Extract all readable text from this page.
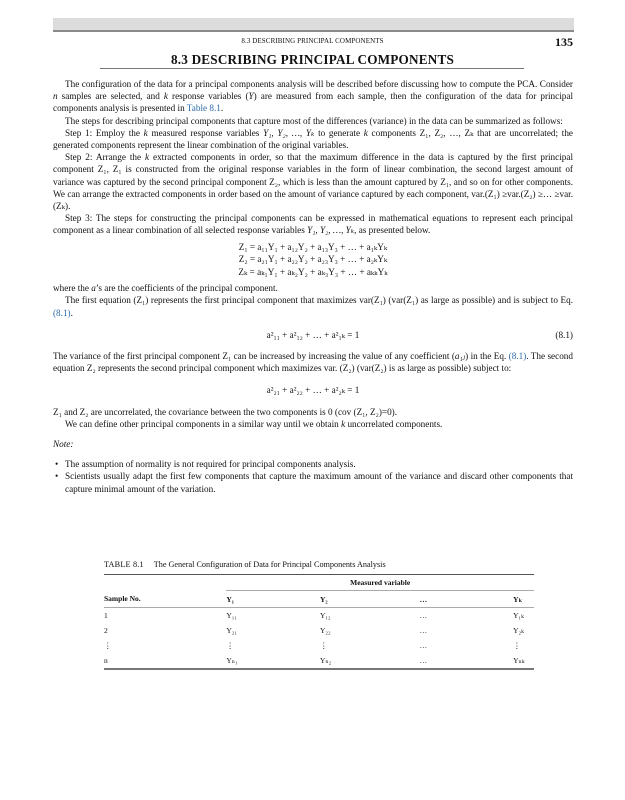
8.3 DESCRIBING PRINCIPAL COMPONENTS	135
8.3 DESCRIBING PRINCIPAL COMPONENTS

The configuration of the data for a principal components analysis will be described before discussing how to compute the PCA. Consider n samples are selected, and k response variables (Y) are measured from each sample, then the configuration of the data for principal components analysis is presented in Table 8.1.

The steps for describing principal components that capture most of the differences (variance) in the data can be summarized as follows:

Step 1: Employ the k measured response variables Y₁, Y₂, …, Yₖ to generate k components Z₁, Z₂, …, Zₖ that are uncorrelated; the generated components represent the linear combination of the original variables.

Step 2: Arrange the k extracted components in order, so that the maximum difference in the data is captured by the first principal component Z₁, Z₁ is constructed from the original response variables in the form of linear combination, the second largest amount of variance was captured by the second principal component Z₂, which is less than the amount captured by Z₁, and so on for other components. We can arrange the extracted components in order based on the amount of variance captured by each component, var.(Z₁) ≥var.(Z₂) ≥… ≥var.(Zₖ).

Step 3: The steps for constructing the principal components can be expressed in mathematical equations to represent each principal component as a linear combination of all selected response variables Y₁, Y₂, …, Yₖ, as presented below.

Z₁ = a₁₁Y₁ + a₁₂Y₂ + a₁₃Y₃ + … + a₁ₖYₖ
Z₂ = a₂₁Y₁ + a₂₂Y₂ + a₂₃Y₃ + … + a₂ₖYₖ
Zₖ = aₖ₁Y₁ + aₖ₂Y₂ + aₖ₃Y₃ + … + aₖₖYₖ

where the a’s are the coefficients of the principal component.

The first equation (Z₁) represents the first principal component that maximizes var(Z₁) (var(Z₁) as large as possible) and is subject to Eq. (8.1).

a²₁₁ + a²₁₂ + … + a²₁ₖ = 1	(8.1)

The variance of the first principal component Z₁ can be increased by increasing the value of any coefficient (a₁ⱼ) in the Eq. (8.1). The second equation Z₂ represents the second principal component which maximizes var. (Z₂) (var(Z₂) is as large as possible) subject to:

a²₂₁ + a²₂₂ + … + a²₂ₖ = 1

Z₁ and Z₂ are uncorrelated, the covariance between the two components is 0 (cov (Z₁, Z₂)=0).

We can define other principal components in a similar way until we obtain k uncorrelated components.

Note:

• The assumption of normality is not required for principal components analysis.
• Scientists usually adapt the first few components that capture the maximum amount of the variance and discard other components that capture minimal amount of the variation.
TABLE 8.1 The General Configuration of Data for Principal Components Analysis
	Measured variable			
Sample No.	Y₁	Y₂	…	Yₖ
1	Y₁₁	Y₁₂	…	Y₁ₖ
2	Y₂₁	Y₂₂	…	Y₂ₖ
⋮	⋮	⋮	…	⋮
n	Yₙ₁	Yₙ₂	…	Yₙₖ
